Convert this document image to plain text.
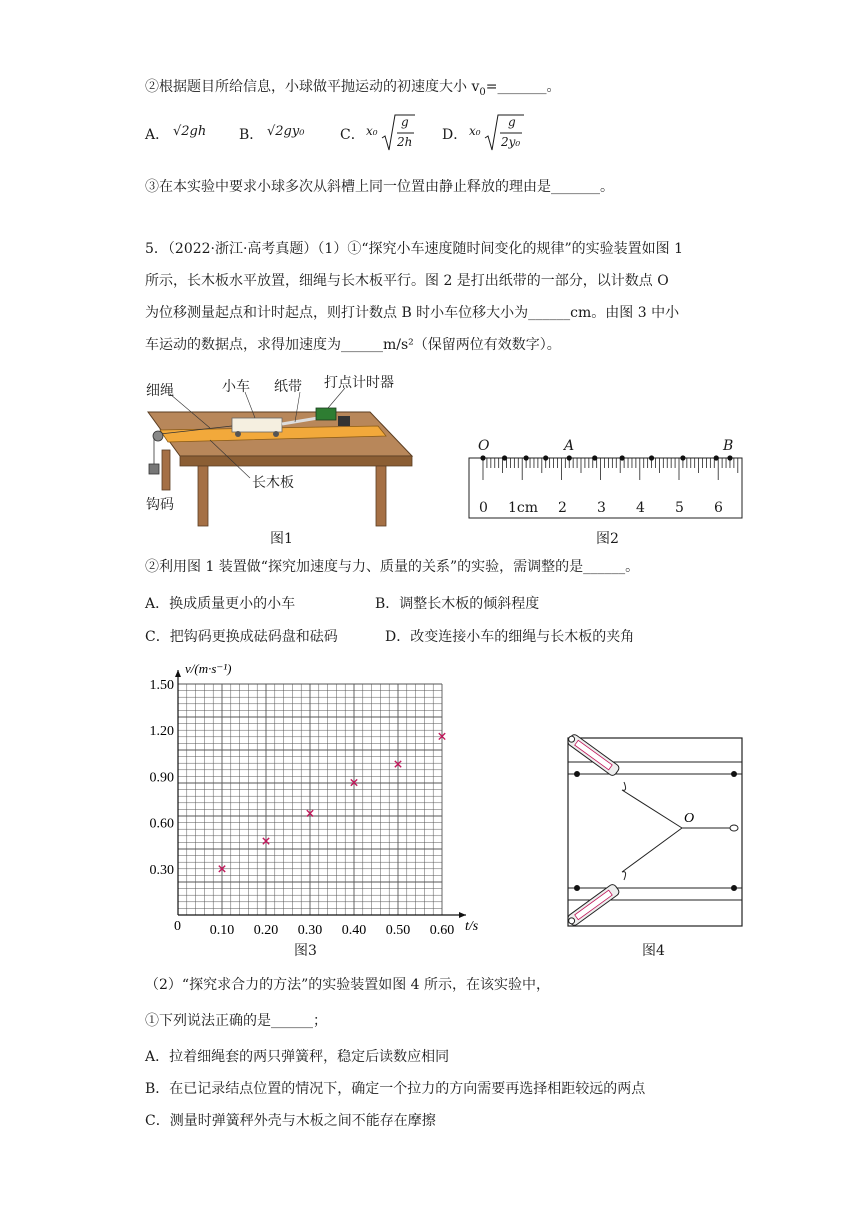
②根据题目所给信息，小球做平抛运动的初速度大小 $v_0=\_\_\_\_\_\_\_$。
A． √2gh B． √2gy₀	C． x₀
g
2h D． x₀
g
2y₀
③在本实验中要求小球多次从斜槽上同一位置由静止释放的理由是_______。
5．（2022·浙江·高考真题）（1）①“探究小车速度随时间变化的规律”的实验装置如图 1
所示，长木板水平放置，细绳与长木板平行。图 2 是打出纸带的一部分，以计数点 O
为位移测量起点和计时起点，则打计数点 B 时小车位移大小为______cm。由图 3 中小
车运动的数据点，求得加速度为______m/s²（保留两位有效数字）。
细绳	小车 纸带 打点计时器
长木板
钩码
图1
O	A	B
0 1cm 2 3 4 5 6
图2
②利用图 1 装置做“探究加速度与力、质量的关系”的实验，需调整的是______。
A．换成质量更小的小车	B．调整长木板的倾斜程度
C．把钩码更换成砝码盘和砝码	D．改变连接小车的细绳与长木板的夹角
0.30
0.60
0.90
1.20
1.50
0.10 0.20 0.30 0.40 0.50 0.60
v/(m·s⁻¹)
t/s
0
图3
O
图4
（2）“探究求合力的方法”的实验装置如图 4 所示，在该实验中，
①下列说法正确的是______；
A．拉着细绳套的两只弹簧秤，稳定后读数应相同
B．在已记录结点位置的情况下，确定一个拉力的方向需要再选择相距较远的两点
C．测量时弹簧秤外壳与木板之间不能存在摩擦
